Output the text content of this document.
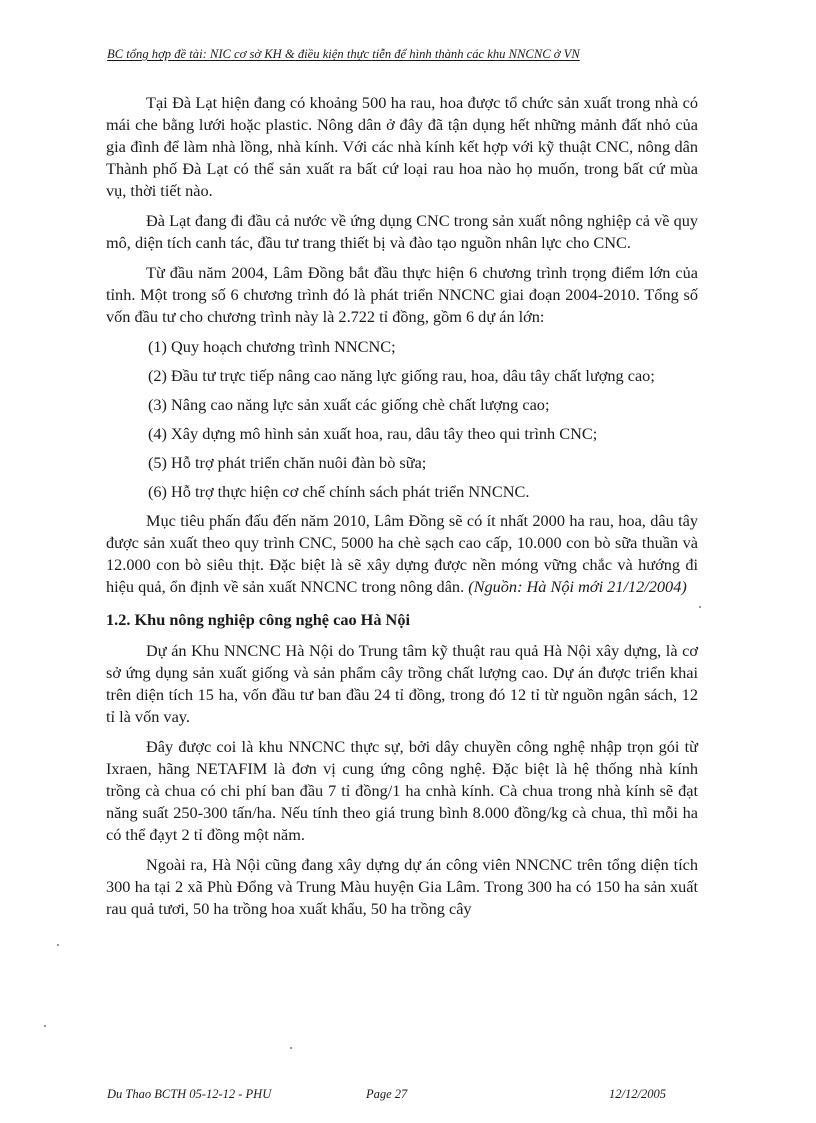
BC tổng hợp đề tài: NIC cơ sở KH & điều kiện thực tiễn để hình thành các khu NNCNC ở VN

Tại Đà Lạt hiện đang có khoảng 500 ha rau, hoa được tổ chức sản xuất trong nhà có mái che bằng lưới hoặc plastic. Nông dân ở đây đã tận dụng hết những mảnh đất nhỏ của gia đình để làm nhà lồng, nhà kính. Với các nhà kính kết hợp với kỹ thuật CNC, nông dân Thành phố Đà Lạt có thể sản xuất ra bất cứ loại rau hoa nào họ muốn, trong bất cứ mùa vụ, thời tiết nào.

Đà Lạt đang đi đầu cả nước về ứng dụng CNC trong sản xuất nông nghiệp cả về quy mô, diện tích canh tác, đầu tư trang thiết bị và đào tạo nguồn nhân lực cho CNC.

Từ đầu năm 2004, Lâm Đồng bắt đầu thực hiện 6 chương trình trọng điểm lớn của tỉnh. Một trong số 6 chương trình đó là phát triển NNCNC giai đoạn 2004-2010. Tổng số vốn đầu tư cho chương trình này là 2.722 tỉ đồng, gồm 6 dự án lớn:

(1) Quy hoạch chương trình NNCNC;

(2) Đầu tư trực tiếp nâng cao năng lực giống rau, hoa, dâu tây chất lượng cao;

(3) Nâng cao năng lực sản xuất các giống chè chất lượng cao;

(4) Xây dựng mô hình sản xuất hoa, rau, dâu tây theo qui trình CNC;

(5) Hỗ trợ phát triển chăn nuôi đàn bò sữa;

(6) Hỗ trợ thực hiện cơ chế chính sách phát triển NNCNC.

Mục tiêu phấn đấu đến năm 2010, Lâm Đồng sẽ có ít nhất 2000 ha rau, hoa, dâu tây được sản xuất theo quy trình CNC, 5000 ha chè sạch cao cấp, 10.000 con bò sữa thuần và 12.000 con bò siêu thịt. Đặc biệt là sẽ xây dựng được nền móng vững chắc và hướng đi hiệu quả, ổn định về sản xuất NNCNC trong nông dân. (Nguồn: Hà Nội mới 21/12/2004)

1.2. Khu nông nghiệp công nghệ cao Hà Nội

Dự án Khu NNCNC Hà Nội do Trung tâm kỹ thuật rau quả Hà Nội xây dựng, là cơ sở ứng dụng sản xuất giống và sản phẩm cây trồng chất lượng cao. Dự án được triển khai trên diện tích 15 ha, vốn đầu tư ban đầu 24 tỉ đồng, trong đó 12 tỉ từ nguồn ngân sách, 12 tỉ là vốn vay.

Đây được coi là khu NNCNC thực sự, bởi dây chuyền công nghệ nhập trọn gói từ Ixraen, hãng NETAFIM là đơn vị cung ứng công nghệ. Đặc biệt là hệ thống nhà kính trồng cà chua có chi phí ban đầu 7 tỉ đồng/1 ha cnhà kính. Cà chua trong nhà kính sẽ đạt năng suất 250-300 tấn/ha. Nếu tính theo giá trung bình 8.000 đồng/kg cà chua, thì mỗi ha có thể đạyt 2 tỉ đồng một năm.

Ngoài ra, Hà Nội cũng đang xây dựng dự án công viên NNCNC trên tổng diện tích 300 ha tại 2 xã Phù Đổng và Trung Màu huyện Gia Lâm. Trong 300 ha có 150 ha sản xuất rau quả tươi, 50 ha trồng hoa xuất khẩu, 50 ha trồng cây

Du Thao BCTH 05-12-12 - PHU	Page 27	12/12/2005
